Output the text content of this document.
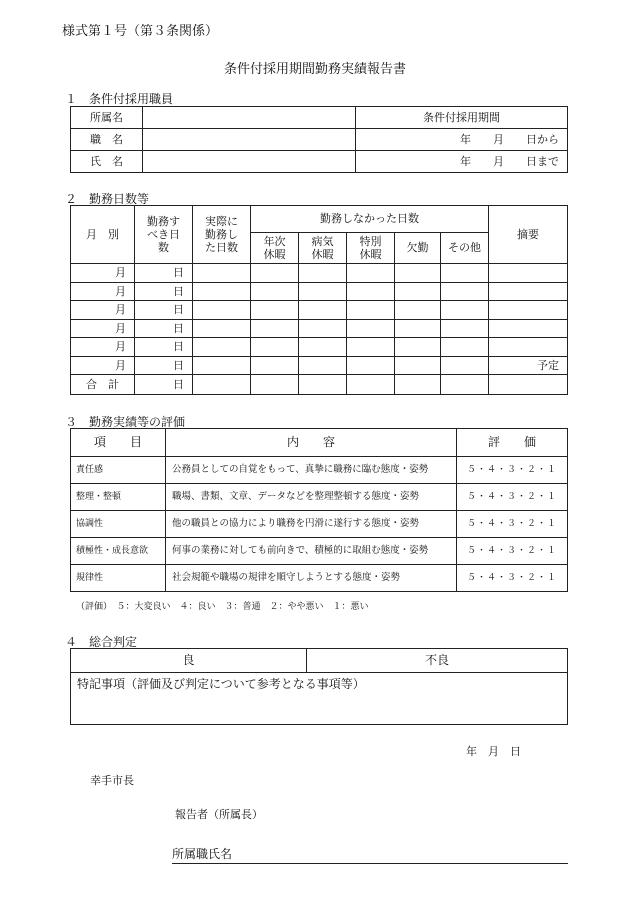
様式第１号（第３条関係）
条件付採用期間勤務実績報告書
１　条件付採用職員
所属名		条件付採用期間
職　名		年　　月　　日から
氏　名		年　　月　　日まで
２　勤務日数等
月　別	勤務すべき日数	実際に勤務した日数	勤務しなかった日数					摘要
			年次休暇	病気休暇	特別休暇	欠勤	その他	
月	日							
月	日							
月	日							
月	日							
月	日							
月	日							予定
合　計	日							
３　勤務実績等の評価
項　　目	内　　容	評　　価
責任感	公務員としての自覚をもって、真摯に職務に臨む態度・姿勢	５・４・３・２・１
整理・整頓	職場、書類、文章、データなどを整理整頓する態度・姿勢	５・４・３・２・１
協調性	他の職員との協力により職務を円滑に遂行する態度・姿勢	５・４・３・２・１
積極性・成長意欲	何事の業務に対しても前向きで、積極的に取組む態度・姿勢	５・４・３・２・１
規律性	社会規範や職場の規律を順守しようとする態度・姿勢	５・４・３・２・１
（評価）　５：大変良い　４：良い　３：普通　２：やや悪い　１：悪い
４　総合判定
良	不良
特記事項（評価及び判定について参考となる事項等）
年　月　日
幸手市長
報告者（所属長）
所属職氏名
